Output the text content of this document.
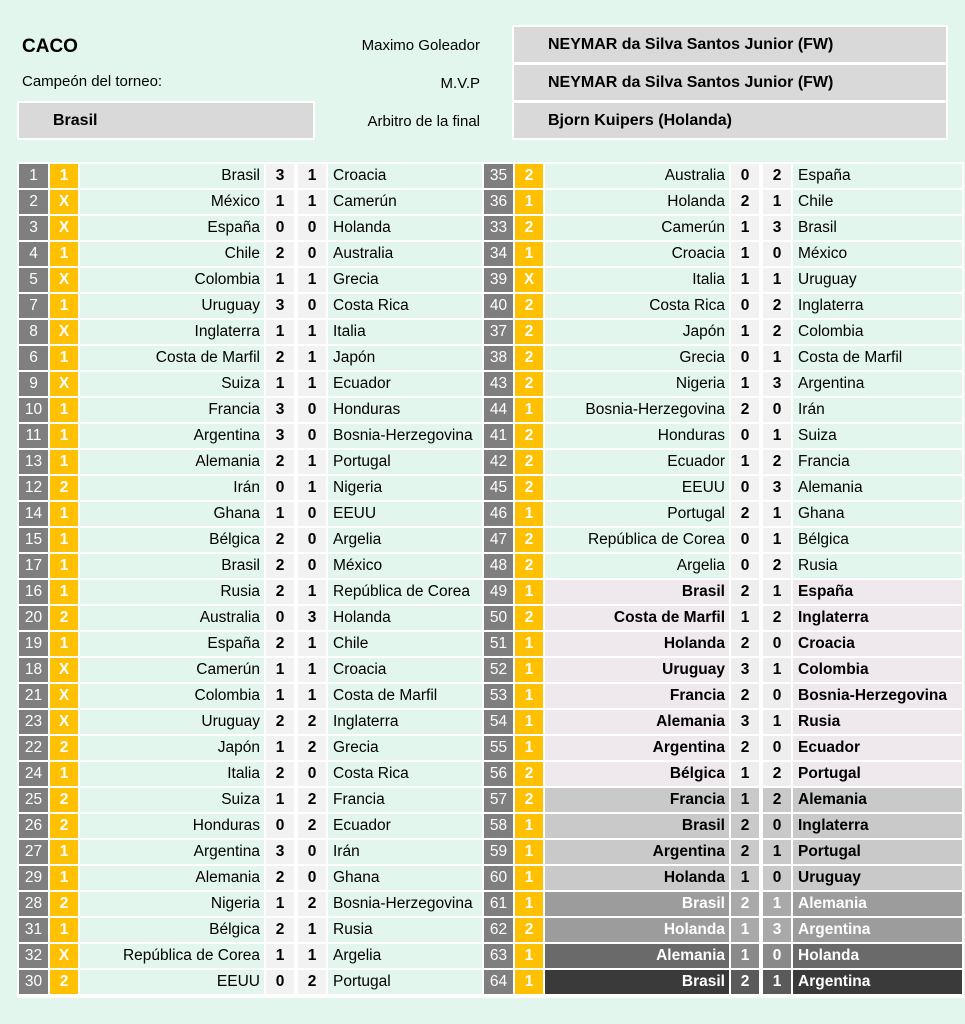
CACO
Campeón del torneo:
Brasil
Maximo Goleador
M.V.P
Arbitro de la final
NEYMAR da Silva Santos Junior (FW)
NEYMAR da Silva Santos Junior (FW)
Bjorn Kuipers (Holanda)
1	1	Brasil	3	1	Croacia
2	X	México	1	1	Camerún
3	X	España	0	0	Holanda
4	1	Chile	2	0	Australia
5	X	Colombia	1	1	Grecia
7	1	Uruguay	3	0	Costa Rica
8	X	Inglaterra	1	1	Italia
6	1	Costa de Marfil	2	1	Japón
9	X	Suiza	1	1	Ecuador
10	1	Francia	3	0	Honduras
11	1	Argentina	3	0	Bosnia-Herzegovina
13	1	Alemania	2	1	Portugal
12	2	Irán	0	1	Nigeria
14	1	Ghana	1	0	EEUU
15	1	Bélgica	2	0	Argelia
17	1	Brasil	2	0	México
16	1	Rusia	2	1	República de Corea
20	2	Australia	0	3	Holanda
19	1	España	2	1	Chile
18	X	Camerún	1	1	Croacia
21	X	Colombia	1	1	Costa de Marfil
23	X	Uruguay	2	2	Inglaterra
22	2	Japón	1	2	Grecia
24	1	Italia	2	0	Costa Rica
25	2	Suiza	1	2	Francia
26	2	Honduras	0	2	Ecuador
27	1	Argentina	3	0	Irán
29	1	Alemania	2	0	Ghana
28	2	Nigeria	1	2	Bosnia-Herzegovina
31	1	Bélgica	2	1	Rusia
32	X	República de Corea	1	1	Argelia
30	2	EEUU	0	2	Portugal
35	2	Australia	0	2	España
36	1	Holanda	2	1	Chile
33	2	Camerún	1	3	Brasil
34	1	Croacia	1	0	México
39	X	Italia	1	1	Uruguay
40	2	Costa Rica	0	2	Inglaterra
37	2	Japón	1	2	Colombia
38	2	Grecia	0	1	Costa de Marfil
43	2	Nigeria	1	3	Argentina
44	1	Bosnia-Herzegovina	2	0	Irán
41	2	Honduras	0	1	Suiza
42	2	Ecuador	1	2	Francia
45	2	EEUU	0	3	Alemania
46	1	Portugal	2	1	Ghana
47	2	República de Corea	0	1	Bélgica
48	2	Argelia	0	2	Rusia
49	1	Brasil	2	1	España
50	2	Costa de Marfil	1	2	Inglaterra
51	1	Holanda	2	0	Croacia
52	1	Uruguay	3	1	Colombia
53	1	Francia	2	0	Bosnia-Herzegovina
54	1	Alemania	3	1	Rusia
55	1	Argentina	2	0	Ecuador
56	2	Bélgica	1	2	Portugal
57	2	Francia	1	2	Alemania
58	1	Brasil	2	0	Inglaterra
59	1	Argentina	2	1	Portugal
60	1	Holanda	1	0	Uruguay
61	1	Brasil	2	1	Alemania
62	2	Holanda	1	3	Argentina
63	1	Alemania	1	0	Holanda
64	1	Brasil	2	1	Argentina
